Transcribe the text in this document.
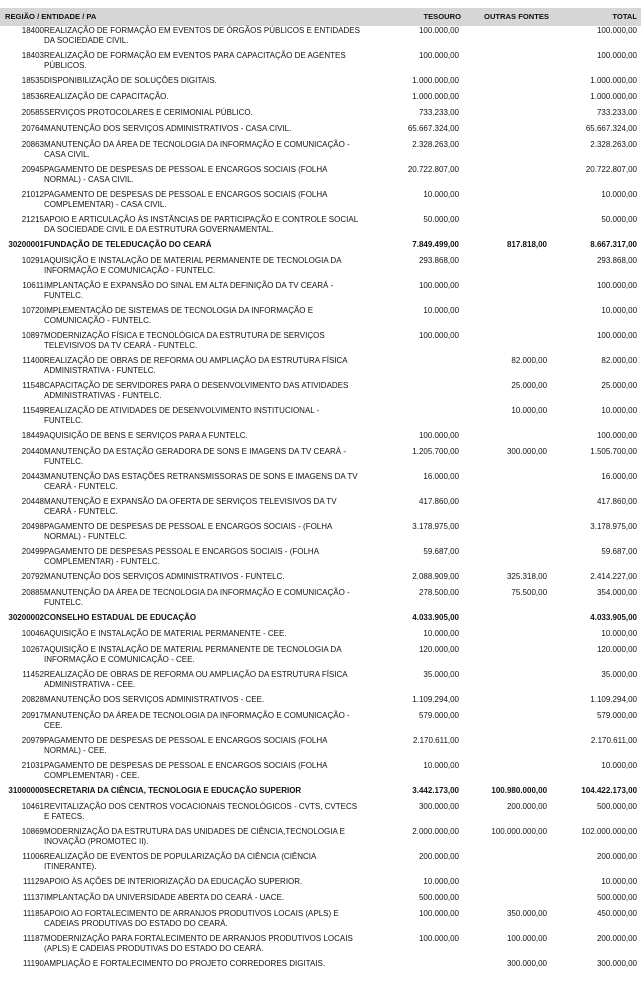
REGIÃO / ENTIDADE / PA		TESOURO	OUTRAS FONTES	TOTAL
18400	REALIZAÇÃO DE FORMAÇÃO EM EVENTOS DE ÓRGÃOS PÚBLICOS E ENTIDADES DA SOCIEDADE CIVIL.	100.000,00		100.000,00
18403	REALIZAÇÃO DE FORMAÇÃO EM EVENTOS PARA CAPACITAÇÃO DE AGENTES PÚBLICOS.	100.000,00		100.000,00
18535	DISPONIBILIZAÇÃO DE SOLUÇÕES DIGITAIS.	1.000.000,00		1.000.000,00
18536	REALIZAÇÃO DE CAPACITAÇÃO.	1.000.000,00		1.000.000,00
20585	SERVIÇOS PROTOCOLARES E CERIMONIAL PÚBLICO.	733.233,00		733.233,00
20764	MANUTENÇÃO DOS SERVIÇOS ADMINISTRATIVOS - CASA CIVIL.	65.667.324,00		65.667.324,00
20863	MANUTENÇÃO DA ÁREA DE TECNOLOGIA DA INFORMAÇÃO E COMUNICAÇÃO - CASA CIVIL.	2.328.263,00		2.328.263,00
20945	PAGAMENTO DE DESPESAS DE PESSOAL E ENCARGOS SOCIAIS (FOLHA NORMAL) - CASA CIVIL.	20.722.807,00		20.722.807,00
21012	PAGAMENTO DE DESPESAS DE PESSOAL E ENCARGOS SOCIAIS (FOLHA COMPLEMENTAR) - CASA CIVIL.	10.000,00		10.000,00
21215	APOIO E ARTICULAÇÃO ÀS INSTÂNCIAS DE PARTICIPAÇÃO E CONTROLE SOCIAL DA SOCIEDADE CIVIL E DA ESTRUTURA GOVERNAMENTAL.	50.000,00		50.000,00
30200001	FUNDAÇÃO DE TELEDUCAÇÃO DO CEARÁ	7.849.499,00	817.818,00	8.667.317,00
10291	AQUISIÇÃO E INSTALAÇÃO DE MATERIAL PERMANENTE DE TECNOLOGIA DA INFORMAÇÃO E COMUNICAÇÃO - FUNTELC.	293.868,00		293.868,00
10611	IMPLANTAÇÃO E EXPANSÃO DO SINAL EM ALTA DEFINIÇÃO DA TV CEARÁ - FUNTELC.	100.000,00		100.000,00
10720	IMPLEMENTAÇÃO DE SISTEMAS DE TECNOLOGIA DA INFORMAÇÃO E COMUNICAÇÃO - FUNTELC.	10.000,00		10.000,00
10897	MODERNIZAÇÃO FÍSICA E TECNOLÓGICA DA ESTRUTURA DE SERVIÇOS TELEVISIVOS DA TV CEARÁ - FUNTELC.	100.000,00		100.000,00
11400	REALIZAÇÃO DE OBRAS DE REFORMA OU AMPLIAÇÃO DA ESTRUTURA FÍSICA ADMINISTRATIVA - FUNTELC.		82.000,00	82.000,00
11548	CAPACITAÇÃO DE SERVIDORES PARA O DESENVOLVIMENTO DAS ATIVIDADES ADMINISTRATIVAS - FUNTELC.		25.000,00	25.000,00
11549	REALIZAÇÃO DE ATIVIDADES DE DESENVOLVIMENTO INSTITUCIONAL - FUNTELC.		10.000,00	10.000,00
18449	AQUISIÇÃO DE BENS E SERVIÇOS PARA A FUNTELC.	100.000,00		100.000,00
20440	MANUTENÇÃO DA ESTAÇÃO GERADORA DE SONS E IMAGENS DA TV CEARÁ - FUNTELC.	1.205.700,00	300.000,00	1.505.700,00
20443	MANUTENÇÃO DAS ESTAÇÕES RETRANSMISSORAS DE SONS E IMAGENS DA TV CEARÁ - FUNTELC.	16.000,00		16.000,00
20448	MANUTENÇÃO E EXPANSÃO DA OFERTA DE SERVIÇOS TELEVISIVOS DA TV CEARÁ - FUNTELC.	417.860,00		417.860,00
20498	PAGAMENTO DE DESPESAS DE PESSOAL E ENCARGOS SOCIAIS - (FOLHA NORMAL) - FUNTELC.	3.178.975,00		3.178.975,00
20499	PAGAMENTO DE DESPESAS PESSOAL E ENCARGOS SOCIAIS - (FOLHA COMPLEMENTAR) - FUNTELC.	59.687,00		59.687,00
20792	MANUTENÇÃO DOS SERVIÇOS ADMINISTRATIVOS - FUNTELC.	2.088.909,00	325.318,00	2.414.227,00
20885	MANUTENÇÃO DA ÁREA DE TECNOLOGIA DA INFORMAÇÃO E COMUNICAÇÃO - FUNTELC.	278.500,00	75.500,00	354.000,00
30200002	CONSELHO ESTADUAL DE EDUCAÇÃO	4.033.905,00		4.033.905,00
10046	AQUISIÇÃO E INSTALAÇÃO DE MATERIAL PERMANENTE - CEE.	10.000,00		10.000,00
10267	AQUISIÇÃO E INSTALAÇÃO DE MATERIAL PERMANENTE DE TECNOLOGIA DA INFORMAÇÃO E COMUNICAÇÃO - CEE.	120.000,00		120.000,00
11452	REALIZAÇÃO DE OBRAS DE REFORMA OU AMPLIAÇÃO DA ESTRUTURA FÍSICA ADMINISTRATIVA - CEE.	35.000,00		35.000,00
20828	MANUTENÇÃO DOS SERVIÇOS ADMINISTRATIVOS - CEE.	1.109.294,00		1.109.294,00
20917	MANUTENÇÃO DA ÁREA DE TECNOLOGIA DA INFORMAÇÃO E COMUNICAÇÃO - CEE.	579.000,00		579.000,00
20979	PAGAMENTO DE DESPESAS DE PESSOAL E ENCARGOS SOCIAIS (FOLHA NORMAL) - CEE.	2.170.611,00		2.170.611,00
21031	PAGAMENTO DE DESPESAS DE PESSOAL E ENCARGOS SOCIAIS (FOLHA COMPLEMENTAR) - CEE.	10.000,00		10.000,00
31000000	SECRETARIA DA CIÊNCIA, TECNOLOGIA E EDUCAÇÃO SUPERIOR	3.442.173,00	100.980.000,00	104.422.173,00
10461	REVITALIZAÇÃO DOS CENTROS VOCACIONAIS TECNOLÓGICOS - CVTS, CVTECS E FATECS.	300.000,00	200.000,00	500.000,00
10869	MODERNIZAÇÃO DA ESTRUTURA DAS UNIDADES DE CIÊNCIA,TECNOLOGIA E INOVAÇÃO (PROMOTEC II).	2.000.000,00	100.000.000,00	102.000.000,00
11006	REALIZAÇÃO DE EVENTOS DE POPULARIZAÇÃO DA CIÊNCIA (CIÊNCIA ITINERANTE).	200.000,00		200.000,00
11129	APOIO ÀS AÇÕES DE INTERIORIZAÇÃO DA EDUCAÇÃO SUPERIOR.	10.000,00		10.000,00
11137	IMPLANTAÇÃO DA UNIVERSIDADE ABERTA DO CEARÁ - UACE.	500.000,00		500.000,00
11185	APOIO AO FORTALECIMENTO DE ARRANJOS PRODUTIVOS LOCAIS (APLS) E CADEIAS PRODUTIVAS DO ESTADO DO CEARÁ.	100.000,00	350.000,00	450.000,00
11187	MODERNIZAÇÃO PARA FORTALECIMENTO DE ARRANJOS PRODUTIVOS LOCAIS (APLS) E CADEIAS PRODUTIVAS DO ESTADO DO CEARÁ.	100.000,00	100.000,00	200.000,00
11190	AMPLIAÇÃO E FORTALECIMENTO DO PROJETO CORREDORES DIGITAIS.		300.000,00	300.000,00
